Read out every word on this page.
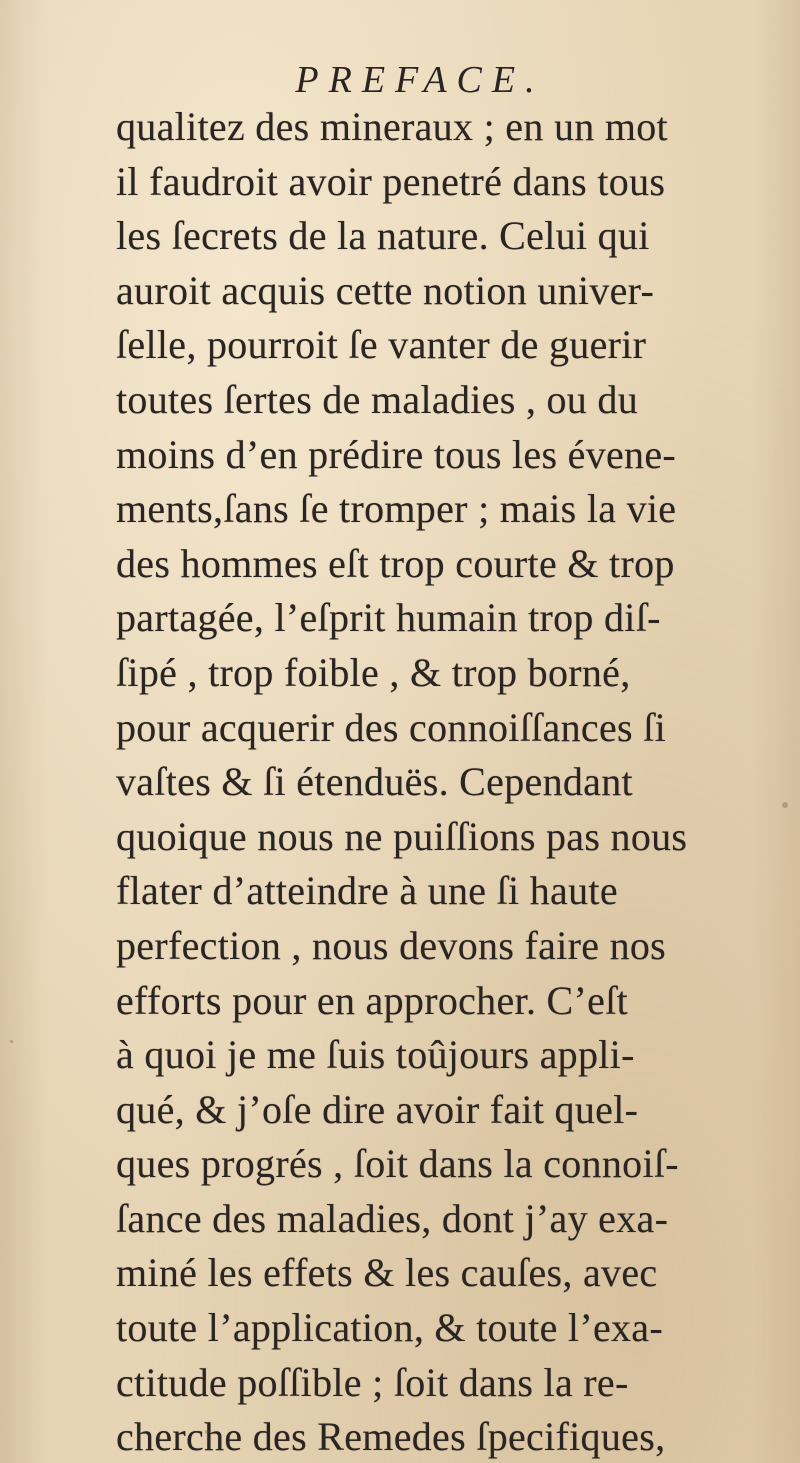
PREFACE.
qualitez des mineraux ; en un mot
il faudroit avoir penetré dans tous
les ſecrets de la nature. Celui qui
auroit acquis cette notion univer-
ſelle, pourroit ſe vanter de guerir
toutes ſertes de maladies , ou du
moins d’en prédire tous les évene-
ments,ſans ſe tromper ; mais la vie
des hommes eſt trop courte & trop
partagée, l’eſprit humain trop diſ-
ſipé , trop foible , & trop borné,
pour acquerir des connoiſſances ſi
vaſtes & ſi étenduës. Cependant
quoique nous ne puiſſions pas nous
flater d’atteindre à une ſi haute
perfection , nous devons faire nos
efforts pour en approcher. C’eſt
à quoi je me ſuis toûjours appli-
qué, & j’oſe dire avoir fait quel-
ques progrés , ſoit dans la connoiſ-
ſance des maladies, dont j’ay exa-
miné les effets & les cauſes, avec
toute l’application, & toute l’exa-
ctitude poſſible ; ſoit dans la re-
cherche des Remedes ſpecifiques,
